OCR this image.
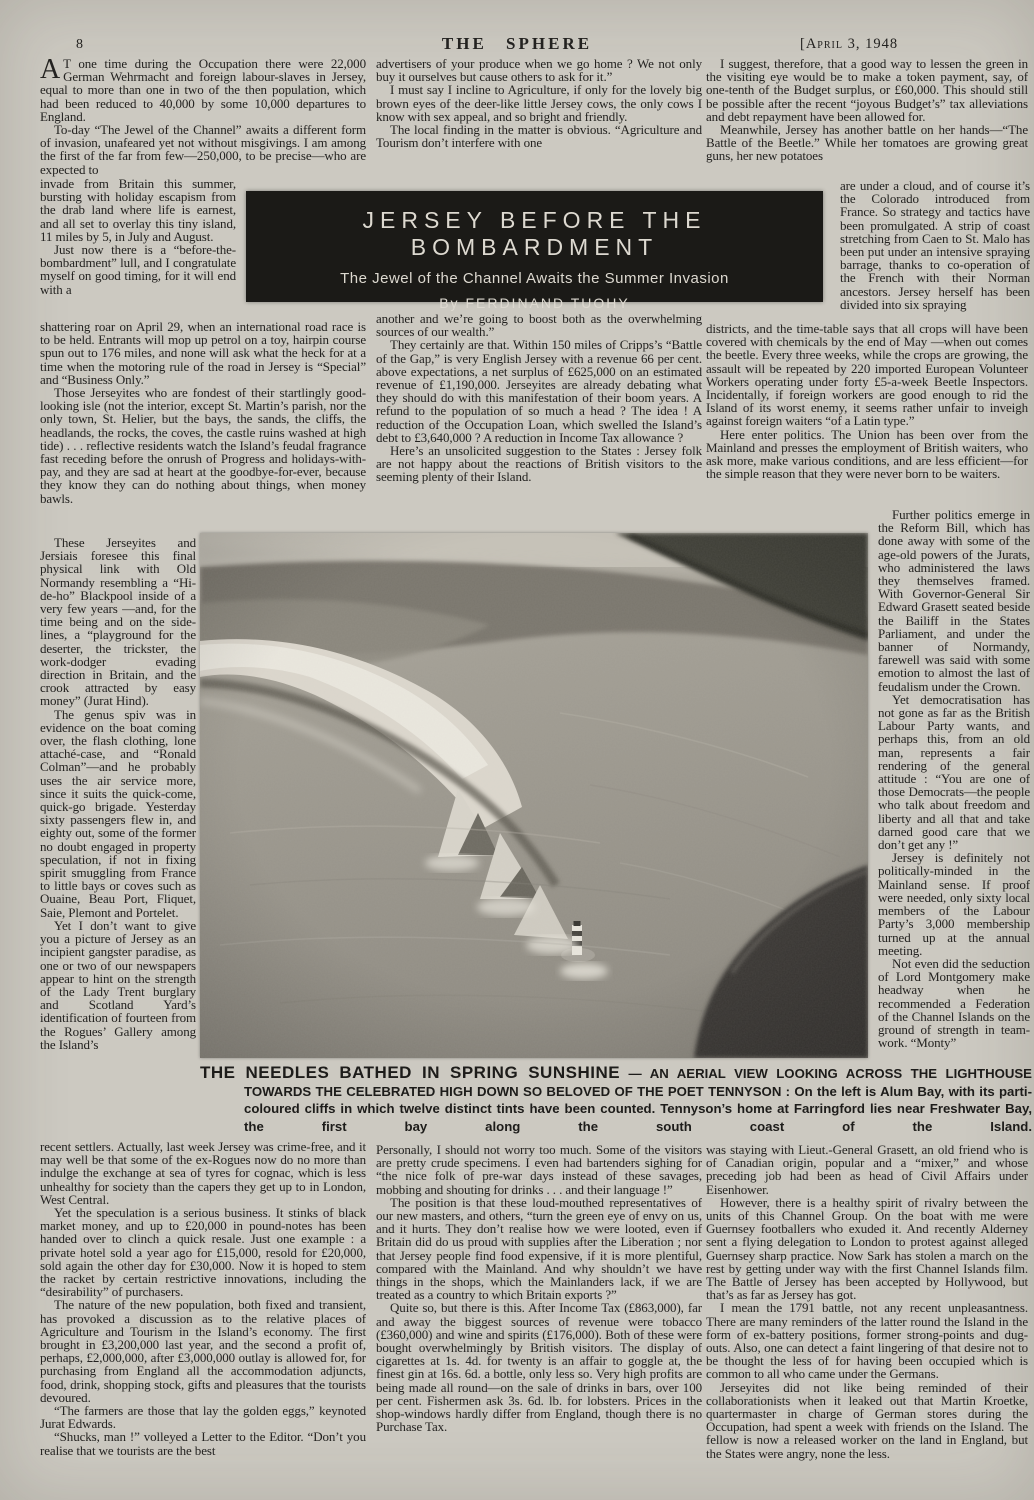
8	THE SPHERE	[April 3, 1948

A T one time during the Occupation there were 22,000 German Wehrmacht and foreign labour-slaves in Jersey, equal to more than one in two of the then population, which had been reduced to 40,000 by some 10,000 departures to England.

To-day “The Jewel of the Channel” awaits a different form of invasion, unafeared yet not without misgivings. I am among the first of the far from few—250,000, to be precise—who are expected to

invade from Britain this summer, bursting with holiday escapism from the drab land where life is earnest, and all set to overlay this tiny island, 11 miles by 5, in July and August.

Just now there is a “before-the-bombardment” lull, and I congratulate myself on good timing, for it will end with a

shattering roar on April 29, when an international road race is to be held. Entrants will mop up petrol on a toy, hairpin course spun out to 176 miles, and none will ask what the heck for at a time when the motoring rule of the road in Jersey is “Special” and “Business Only.”

Those Jerseyites who are fondest of their startlingly good-looking isle (not the interior, except St. Martin’s parish, nor the only town, St. Helier, but the bays, the sands, the cliffs, the headlands, the rocks, the coves, the castle ruins washed at high tide) . . . reflective residents watch the Island’s feudal fragrance fast receding before the onrush of Progress and holidays-with-pay, and they are sad at heart at the goodbye-for-ever, because they know they can do nothing about things, when money bawls.

These Jerseyites and Jersiais foresee this final physical link with Old Normandy resembling a “Hi-de-ho” Blackpool inside of a very few years —and, for the time being and on the side-lines, a “playground for the deserter, the trickster, the work-dodger evading direction in Britain, and the crook attracted by easy money” (Jurat Hind).

The genus spiv was in evidence on the boat coming over, the flash clothing, lone attaché-case, and “Ronald Colman”—and he probably uses the air service more, since it suits the quick-come, quick-go brigade. Yesterday sixty passengers flew in, and eighty out, some of the former no doubt engaged in property speculation, if not in fixing spirit smuggling from France to little bays or coves such as Ouaine, Beau Port, Fliquet, Saie, Plemont and Portelet.

Yet I don’t want to give you a picture of Jersey as an incipient gangster paradise, as one or two of our newspapers appear to hint on the strength of the Lady Trent burglary and Scotland Yard’s identification of fourteen from the Rogues’ Gallery among the Island’s

recent settlers. Actually, last week Jersey was crime-free, and it may well be that some of the ex-Rogues now do no more than indulge the exchange at sea of tyres for cognac, which is less unhealthy for society than the capers they get up to in London, West Central.

Yet the speculation is a serious business. It stinks of black market money, and up to £20,000 in pound-notes has been handed over to clinch a quick resale. Just one example : a private hotel sold a year ago for £15,000, resold for £20,000, sold again the other day for £30,000. Now it is hoped to stem the racket by certain restrictive innovations, including the “desirability” of purchasers.

The nature of the new population, both fixed and transient, has provoked a discussion as to the relative places of Agriculture and Tourism in the Island’s economy. The first brought in £3,200,000 last year, and the second a profit of, perhaps, £2,000,000, after £3,000,000 outlay is allowed for, for purchasing from England all the accommodation adjuncts, food, drink, shopping stock, gifts and pleasures that the tourists devoured.

“The farmers are those that lay the golden eggs,” keynoted Jurat Edwards.

“Shucks, man !” volleyed a Letter to the Editor. “Don’t you realise that we tourists are the best

advertisers of your produce when we go home ? We not only buy it ourselves but cause others to ask for it.”

I must say I incline to Agriculture, if only for the lovely big brown eyes of the deer-like little Jersey cows, the only cows I know with sex appeal, and so bright and friendly.

The local finding in the matter is obvious. “Agriculture and Tourism don’t interfere with one

another and we’re going to boost both as the overwhelming sources of our wealth.”

They certainly are that. Within 150 miles of Cripps’s “Battle of the Gap,” is very English Jersey with a revenue 66 per cent. above expectations, a net surplus of £625,000 on an estimated revenue of £1,190,000. Jerseyites are already debating what they should do with this manifestation of their boom years. A refund to the population of so much a head ? The idea ! A reduction of the Occupation Loan, which swelled the Island’s debt to £3,640,000 ? A reduction in Income Tax allowance ?

Here’s an unsolicited suggestion to the States : Jersey folk are not happy about the reactions of British visitors to the seeming plenty of their Island.

Personally, I should not worry too much. Some of the visitors are pretty crude specimens. I even had bartenders sighing for “the nice folk of pre-war days instead of these savages, mobbing and shouting for drinks . . . and their language !”

The position is that these loud-mouthed representatives of our new masters, and others, “turn the green eye of envy on us, and it hurts. They don’t realise how we were looted, even if Britain did do us proud with supplies after the Liberation ; nor that Jersey people find food expensive, if it is more plentiful, compared with the Mainland. And why shouldn’t we have things in the shops, which the Mainlanders lack, if we are treated as a country to which Britain exports ?”

Quite so, but there is this. After Income Tax (£863,000), far and away the biggest sources of revenue were tobacco (£360,000) and wine and spirits (£176,000). Both of these were bought overwhelmingly by British visitors. The display of cigarettes at 1s. 4d. for twenty is an affair to goggle at, the finest gin at 16s. 6d. a bottle, only less so. Very high profits are being made all round—on the sale of drinks in bars, over 100 per cent. Fishermen ask 3s. 6d. lb. for lobsters. Prices in the shop-windows hardly differ from England, though there is no Purchase Tax.

I suggest, therefore, that a good way to lessen the green in the visiting eye would be to make a token payment, say, of one-tenth of the Budget surplus, or £60,000. This should still be possible after the recent “joyous Budget’s” tax alleviations and debt repayment have been allowed for.

Meanwhile, Jersey has another battle on her hands—“The Battle of the Beetle.” While her tomatoes are growing great guns, her new potatoes

are under a cloud, and of course it’s the Colorado introduced from France. So strategy and tactics have been promulgated. A strip of coast stretching from Caen to St. Malo has been put under an intensive spraying barrage, thanks to co-operation of the French with their Norman ancestors. Jersey herself has been divided into six spraying

districts, and the time-table says that all crops will have been covered with chemicals by the end of May —when out comes the beetle. Every three weeks, while the crops are growing, the assault will be repeated by 220 imported European Volunteer Workers operating under forty £5-a-week Beetle Inspectors. Incidentally, if foreign workers are good enough to rid the Island of its worst enemy, it seems rather unfair to inveigh against foreign waiters “of a Latin type.”

Here enter politics. The Union has been over from the Mainland and presses the employment of British waiters, who ask more, make various conditions, and are less efficient—for the simple reason that they were never born to be waiters.

Further politics emerge in the Reform Bill, which has done away with some of the age-old powers of the Jurats, who administered the laws they themselves framed. With Governor-General Sir Edward Grasett seated beside the Bailiff in the States Parliament, and under the banner of Normandy, farewell was said with some emotion to almost the last of feudalism under the Crown.

Yet democratisation has not gone as far as the British Labour Party wants, and perhaps this, from an old man, represents a fair rendering of the general attitude : “You are one of those Democrats—the people who talk about freedom and liberty and all that and take darned good care that we don’t get any !”

Jersey is definitely not politically-minded in the Mainland sense. If proof were needed, only sixty local members of the Labour Party’s 3,000 membership turned up at the annual meeting.

Not even did the seduction of Lord Montgomery make headway when he recommended a Federation of the Channel Islands on the ground of strength in team-work. “Monty”

was staying with Lieut.-General Grasett, an old friend who is of Canadian origin, popular and a “mixer,” and whose preceding job had been as head of Civil Affairs under Eisenhower.

However, there is a healthy spirit of rivalry between the units of this Channel Group. On the boat with me were Guernsey footballers who exuded it. And recently Alderney sent a flying delegation to London to protest against alleged Guernsey sharp practice. Now Sark has stolen a march on the rest by getting under way with the first Channel Islands film. The Battle of Jersey has been accepted by Hollywood, but that’s as far as Jersey has got.

I mean the 1791 battle, not any recent unpleasantness. There are many reminders of the latter round the Island in the form of ex-battery positions, former strong-points and dug-outs. Also, one can detect a faint lingering of that desire not to be thought the less of for having been occupied which is common to all who came under the Germans.

Jerseyites did not like being reminded of their collaborationists when it leaked out that Martin Kroetke, quartermaster in charge of German stores during the Occupation, had spent a week with friends on the Island. The fellow is now a released worker on the land in England, but the States were angry, none the less.

JERSEY BEFORE THE BOMBARDMENT
The Jewel of the Channel Awaits the Summer Invasion
By FERDINAND TUOHY
THE NEEDLES BATHED IN SPRING SUNSHINE — AN AERIAL VIEW LOOKING ACROSS THE LIGHTHOUSE TOWARDS THE CELEBRATED HIGH DOWN SO BELOVED OF THE POET TENNYSON : On the left is Alum Bay, with its parti-coloured cliffs in which twelve distinct tints have been counted. Tennyson’s home at Farringford lies near Freshwater Bay, the first bay along the south coast of the Island.
